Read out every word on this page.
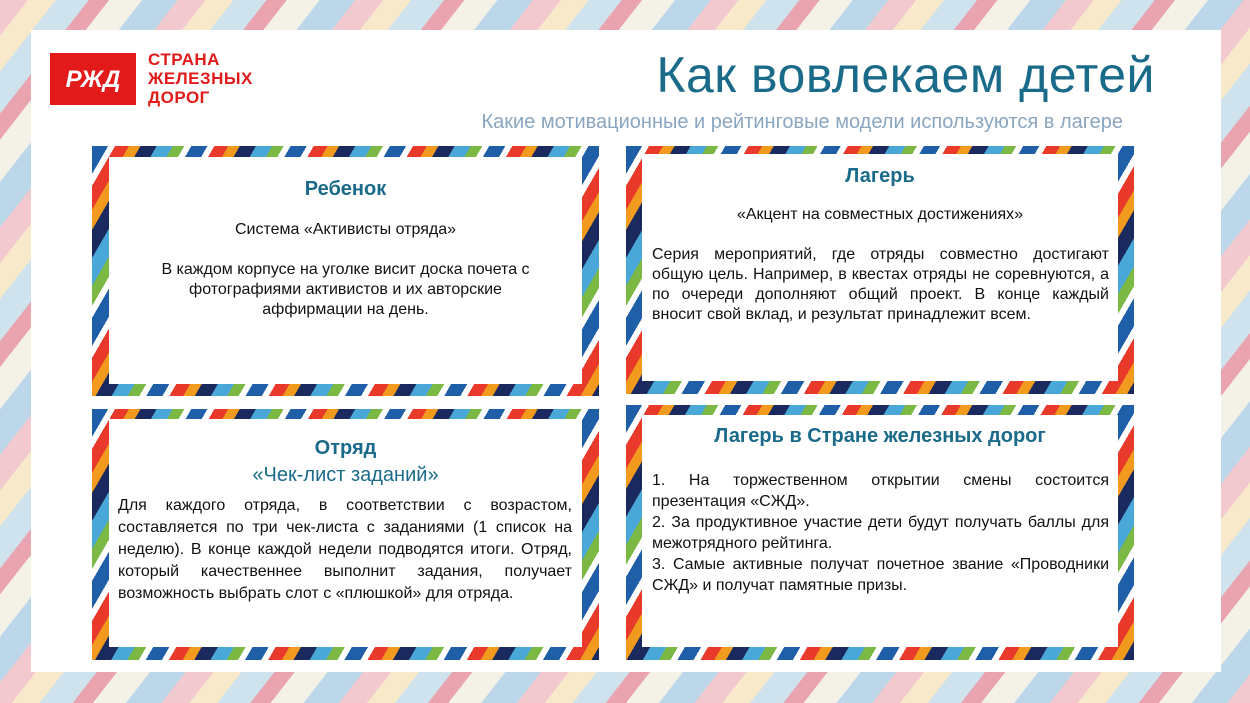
РЖД
СТРАНА
ЖЕЛЕЗНЫХ
ДОРОГ	Как вовлекаем детей
Какие мотивационные и рейтинговые модели используются в лагере
Ребенок
Система «Активисты отряда»
В каждом корпусе на уголке висит доска почета с фотографиями активистов и их авторские аффирмации на день.
Лагерь
«Акцент на совместных достижениях»
Серия мероприятий, где отряды совместно достигают общую цель. Например, в квестах отряды не соревнуются, а по очереди дополняют общий проект. В конце каждый вносит свой вклад, и результат принадлежит всем.
Отряд
«Чек-лист заданий»
Для каждого отряда, в соответствии с возрастом, составляется по три чек-листа с заданиями (1 список на неделю). В конце каждой недели подводятся итоги. Отряд, который качественнее выполнит задания, получает возможность выбрать слот с «плюшкой» для отряда.
Лагерь в Стране железных дорог
1. На торжественном открытии смены состоится презентация «СЖД».
2. За продуктивное участие дети будут получать баллы для межотрядного рейтинга.
3. Самые активные получат почетное звание «Проводники СЖД» и получат памятные призы.
